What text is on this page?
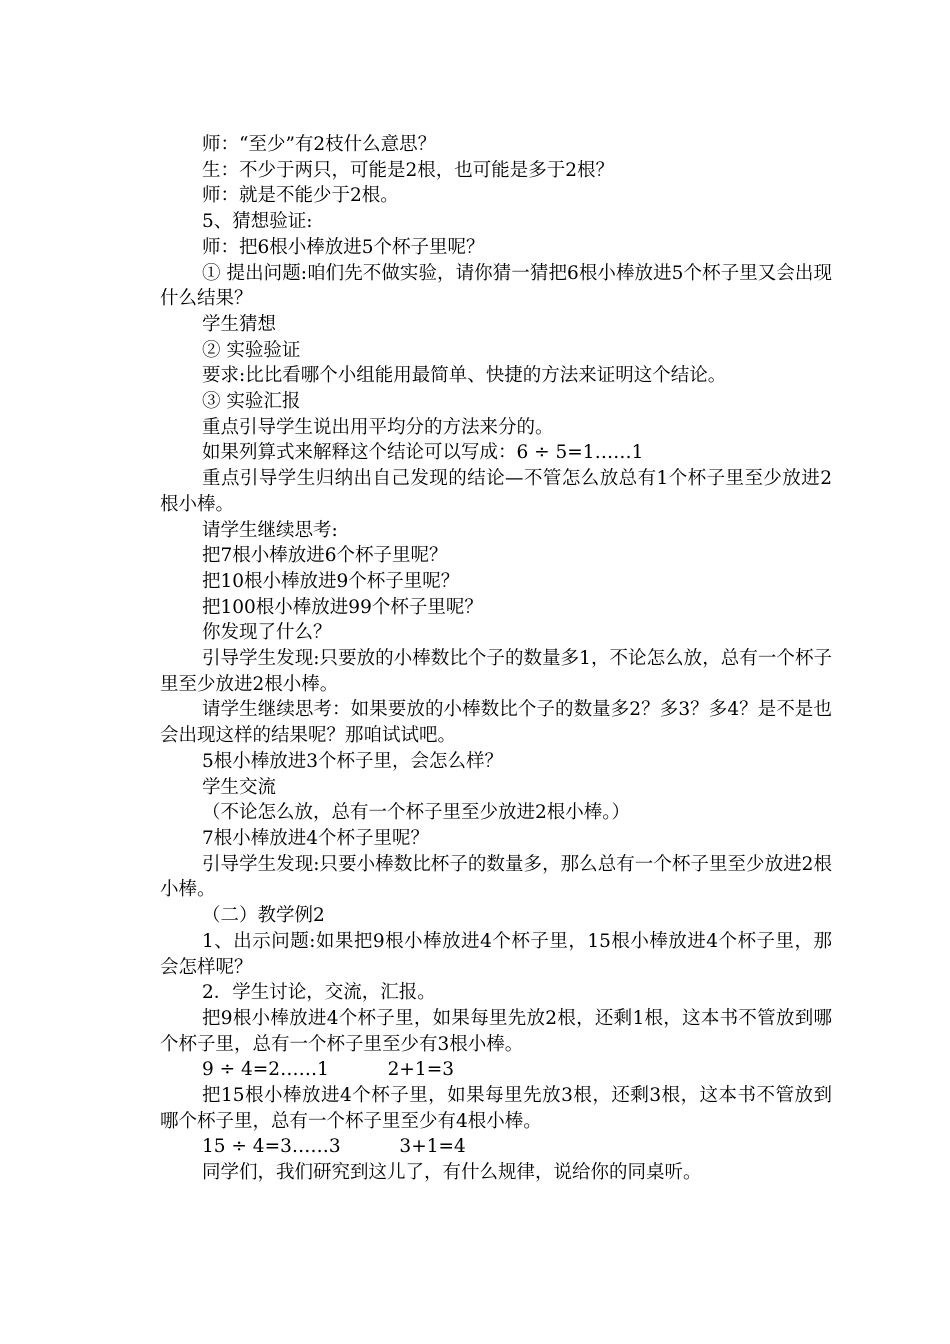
师：“至少”有2枝什么意思？

生：不少于两只，可能是2根，也可能是多于2根？

师：就是不能少于2根。

5、猜想验证:

师：把6根小棒放进5个杯子里呢？

① 提出问题:咱们先不做实验，请你猜一猜把6根小棒放进5个杯子里又会出现什么结果？

学生猜想

② 实验验证

要求:比比看哪个小组能用最简单、快捷的方法来证明这个结论。

③ 实验汇报

重点引导学生说出用平均分的方法来分的。

如果列算式来解释这个结论可以写成：6 ÷ 5=1……1

重点引导学生归纳出自己发现的结论—不管怎么放总有1个杯子里至少放进2根小棒。

请学生继续思考:

把7根小棒放进6个杯子里呢？

把10根小棒放进9个杯子里呢？

把100根小棒放进99个杯子里呢？

你发现了什么？

引导学生发现:只要放的小棒数比个子的数量多1，不论怎么放，总有一个杯子里至少放进2根小棒。

请学生继续思考：如果要放的小棒数比个子的数量多2？多3？多4？是不是也会出现这样的结果呢？那咱试试吧。

5根小棒放进3个杯子里，会怎么样？

学生交流

（不论怎么放，总有一个杯子里至少放进2根小棒。）

7根小棒放进4个杯子里呢？

引导学生发现:只要小棒数比杯子的数量多，那么总有一个杯子里至少放进2根小棒。

（二）教学例2

1、出示问题:如果把9根小棒放进4个杯子里，15根小棒放进4个杯子里，那会怎样呢？

2．学生讨论，交流，汇报。

把9根小棒放进4个杯子里，如果每里先放2根，还剩1根，这本书不管放到哪个杯子里，总有一个杯子里至少有3根小棒。

9 ÷ 4=2……1          2+1=3

把15根小棒放进4个杯子里，如果每里先放3根，还剩3根，这本书不管放到哪个杯子里，总有一个杯子里至少有4根小棒。

15 ÷ 4=3……3          3+1=4

同学们，我们研究到这儿了，有什么规律，说给你的同桌听。
